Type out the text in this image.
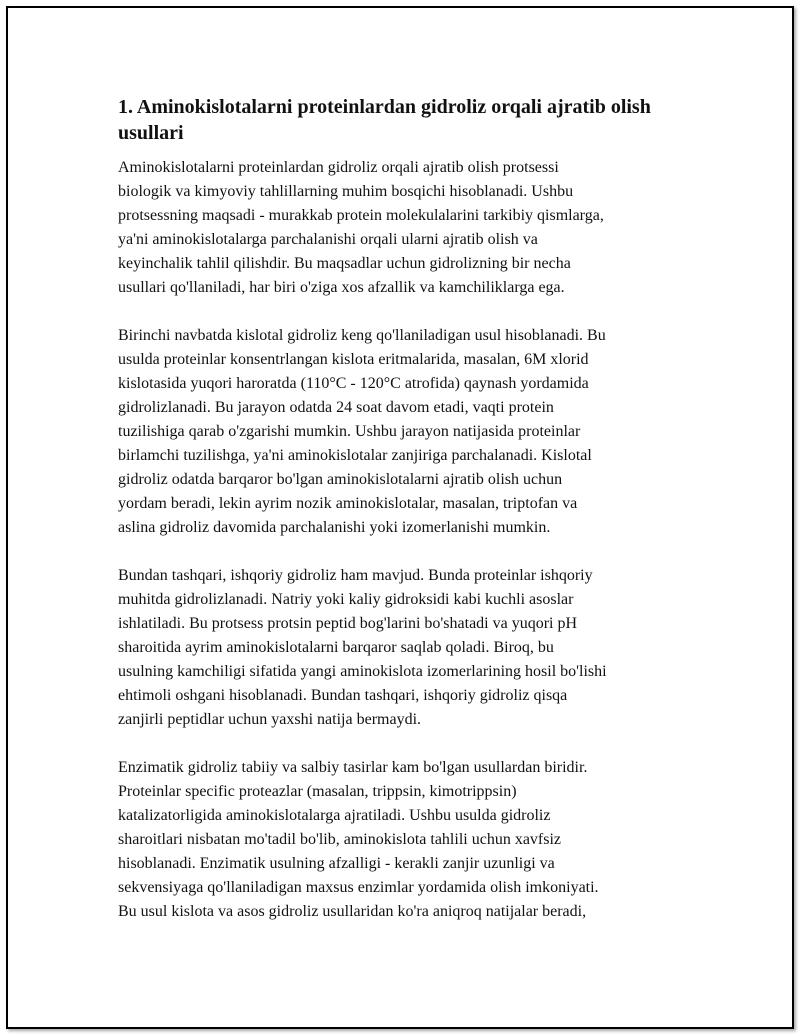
1. Aminokislotalarni proteinlardan gidroliz orqali ajratib olish usullari

Aminokislotalarni proteinlardan gidroliz orqali ajratib olish protsessi
biologik va kimyoviy tahlillarning muhim bosqichi hisoblanadi. Ushbu
protsessning maqsadi - murakkab protein molekulalarini tarkibiy qismlarga,
ya'ni aminokislotalarga parchalanishi orqali ularni ajratib olish va
keyinchalik tahlil qilishdir. Bu maqsadlar uchun gidrolizning bir necha
usullari qo'llaniladi, har biri o'ziga xos afzallik va kamchiliklarga ega.

Birinchi navbatda kislotal gidroliz keng qo'llaniladigan usul hisoblanadi. Bu
usulda proteinlar konsentrlangan kislota eritmalarida, masalan, 6M xlorid
kislotasida yuqori haroratda (110°C - 120°C atrofida) qaynash yordamida
gidrolizlanadi. Bu jarayon odatda 24 soat davom etadi, vaqti protein
tuzilishiga qarab o'zgarishi mumkin. Ushbu jarayon natijasida proteinlar
birlamchi tuzilishga, ya'ni aminokislotalar zanjiriga parchalanadi. Kislotal
gidroliz odatda barqaror bo'lgan aminokislotalarni ajratib olish uchun
yordam beradi, lekin ayrim nozik aminokislotalar, masalan, triptofan va
aslina gidroliz davomida parchalanishi yoki izomerlanishi mumkin.

Bundan tashqari, ishqoriy gidroliz ham mavjud. Bunda proteinlar ishqoriy
muhitda gidrolizlanadi. Natriy yoki kaliy gidroksidi kabi kuchli asoslar
ishlatiladi. Bu protsess protsin peptid bog'larini bo'shatadi va yuqori pH
sharoitida ayrim aminokislotalarni barqaror saqlab qoladi. Biroq, bu
usulning kamchiligi sifatida yangi aminokislota izomerlarining hosil bo'lishi
ehtimoli oshgani hisoblanadi. Bundan tashqari, ishqoriy gidroliz qisqa
zanjirli peptidlar uchun yaxshi natija bermaydi.

Enzimatik gidroliz tabiiy va salbiy tasirlar kam bo'lgan usullardan biridir.
Proteinlar specific proteazlar (masalan, trippsin, kimotrippsin)
katalizatorligida aminokislotalarga ajratiladi. Ushbu usulda gidroliz
sharoitlari nisbatan mo'tadil bo'lib, aminokislota tahlili uchun xavfsiz
hisoblanadi. Enzimatik usulning afzalligi - kerakli zanjir uzunligi va
sekvensiyaga qo'llaniladigan maxsus enzimlar yordamida olish imkoniyati.
Bu usul kislota va asos gidroliz usullaridan ko'ra aniqroq natijalar beradi,
